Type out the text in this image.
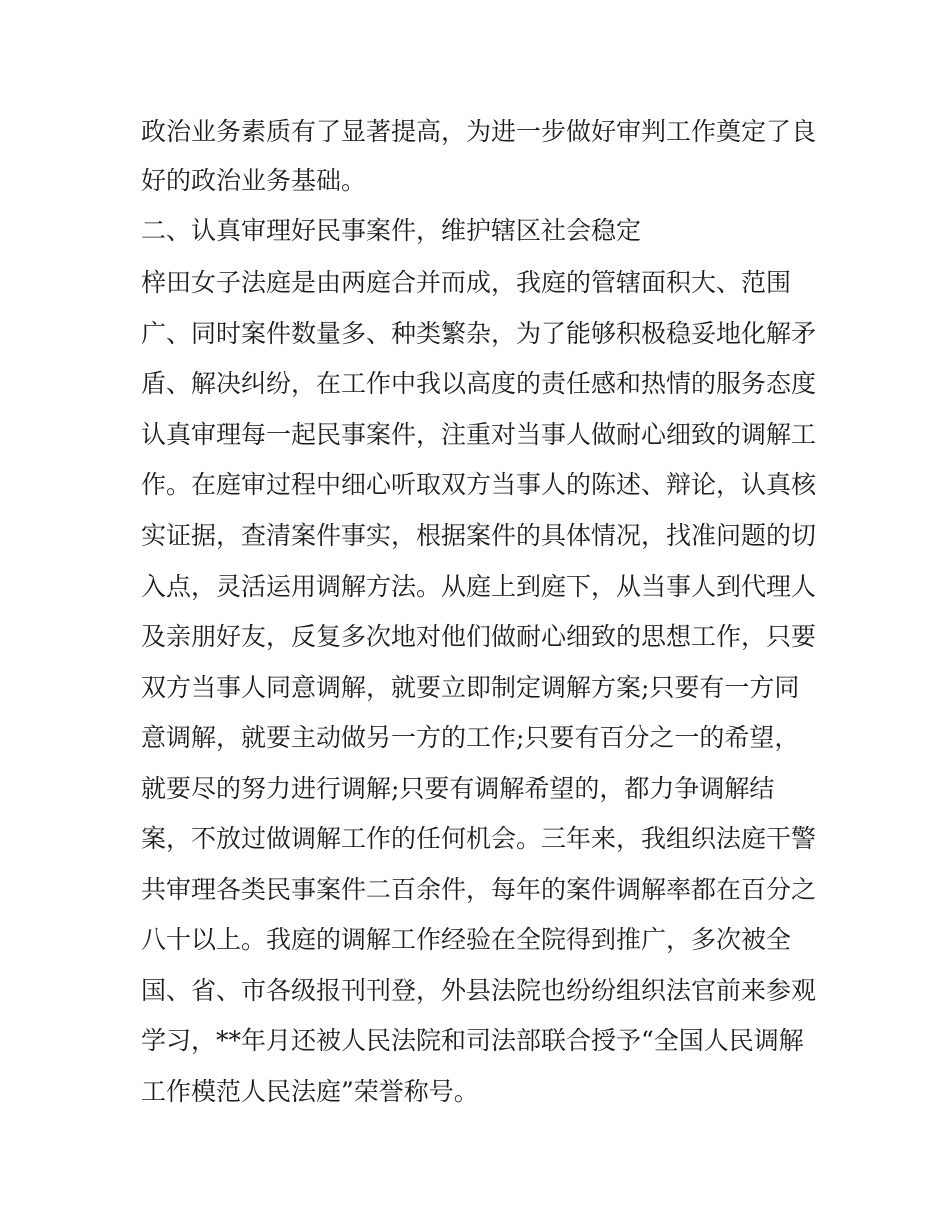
政治业务素质有了显著提高，为进一步做好审判工作奠定了良
好的政治业务基础。
二、认真审理好民事案件，维护辖区社会稳定
梓田女子法庭是由两庭合并而成，我庭的管辖面积大、范围
广、同时案件数量多、种类繁杂，为了能够积极稳妥地化解矛
盾、解决纠纷，在工作中我以高度的责任感和热情的服务态度
认真审理每一起民事案件，注重对当事人做耐心细致的调解工
作。在庭审过程中细心听取双方当事人的陈述、辩论，认真核
实证据，查清案件事实，根据案件的具体情况，找准问题的切
入点，灵活运用调解方法。从庭上到庭下，从当事人到代理人
及亲朋好友，反复多次地对他们做耐心细致的思想工作，只要
双方当事人同意调解，就要立即制定调解方案;只要有一方同
意调解，就要主动做另一方的工作;只要有百分之一的希望，
就要尽的努力进行调解;只要有调解希望的，都力争调解结
案，不放过做调解工作的任何机会。三年来，我组织法庭干警
共审理各类民事案件二百余件，每年的案件调解率都在百分之
八十以上。我庭的调解工作经验在全院得到推广，多次被全
国、省、市各级报刊刊登，外县法院也纷纷组织法官前来参观
学习，**年月还被人民法院和司法部联合授予“全国人民调解
工作模范人民法庭”荣誉称号。
